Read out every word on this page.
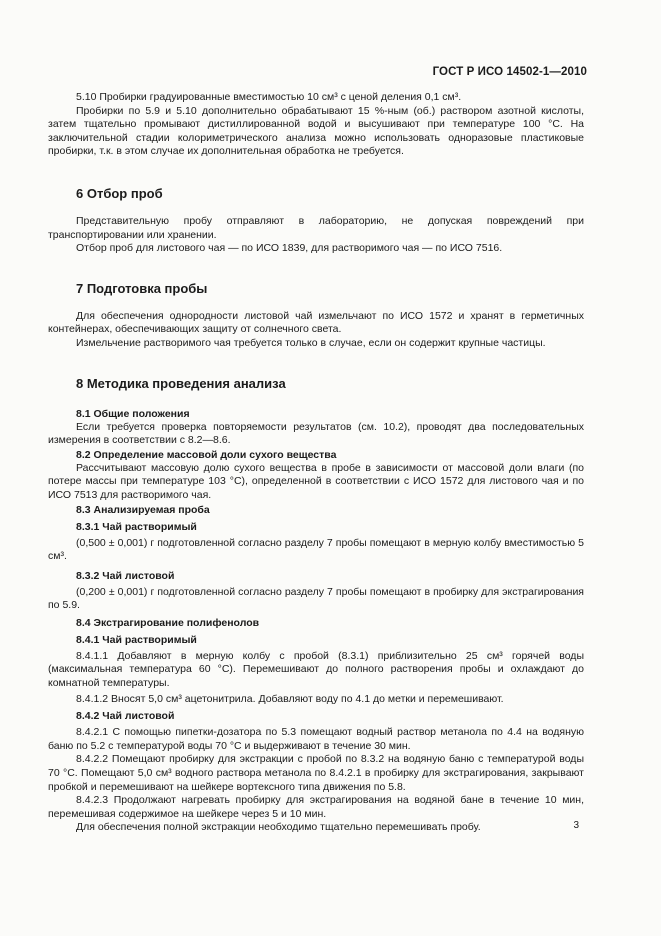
ГОСТ Р ИСО 14502-1—2010

5.10 Пробирки градуированные вместимостью 10 см³ с ценой деления 0,1 см³.

Пробирки по 5.9 и 5.10 дополнительно обрабатывают 15 %-ным (об.) раствором азотной кислоты, затем тщательно промывают дистиллированной водой и высушивают при температуре 100 °С. На заключительной стадии колориметрического анализа можно использовать одноразовые пластиковые пробирки, т.к. в этом случае их дополнительная обработка не требуется.

6 Отбор проб

Представительную пробу отправляют в лабораторию, не допуская повреждений при транспортировании или хранении.

Отбор проб для листового чая — по ИСО 1839, для растворимого чая — по ИСО 7516.

7 Подготовка пробы

Для обеспечения однородности листовой чай измельчают по ИСО 1572 и хранят в герметичных контейнерах, обеспечивающих защиту от солнечного света.

Измельчение растворимого чая требуется только в случае, если он содержит крупные частицы.

8 Методика проведения анализа
8.1 Общие положения

Если требуется проверка повторяемости результатов (см. 10.2), проводят два последовательных измерения в соответствии с 8.2—8.6.

8.2 Определение массовой доли сухого вещества

Рассчитывают массовую долю сухого вещества в пробе в зависимости от массовой доли влаги (по потере массы при температуре 103 °С), определенной в соответствии с ИСО 1572 для листового чая и по ИСО 7513 для растворимого чая.

8.3 Анализируемая проба
8.3.1 Чай растворимый

(0,500 ± 0,001) г подготовленной согласно разделу 7 пробы помещают в мерную колбу вместимостью 5 см³.

8.3.2 Чай листовой

(0,200 ± 0,001) г подготовленной согласно разделу 7 пробы помещают в пробирку для экстрагирования по 5.9.

8.4 Экстрагирование полифенолов
8.4.1 Чай растворимый

8.4.1.1 Добавляют в мерную колбу с пробой (8.3.1) приблизительно 25 см³ горячей воды (максимальная температура 60 °С). Перемешивают до полного растворения пробы и охлаждают до комнатной температуры.

8.4.1.2 Вносят 5,0 см³ ацетонитрила. Добавляют воду по 4.1 до метки и перемешивают.

8.4.2 Чай листовой

8.4.2.1 С помощью пипетки-дозатора по 5.3 помещают водный раствор метанола по 4.4 на водяную баню по 5.2 с температурой воды 70 °С и выдерживают в течение 30 мин.

8.4.2.2 Помещают пробирку для экстракции с пробой по 8.3.2 на водяную баню с температурой воды 70 °С. Помещают 5,0 см³ водного раствора метанола по 8.4.2.1 в пробирку для экстрагирования, закрывают пробкой и перемешивают на шейкере вортексного типа движения по 5.8.

8.4.2.3 Продолжают нагревать пробирку для экстрагирования на водяной бане в течение 10 мин, перемешивая содержимое на шейкере через 5 и 10 мин.

Для обеспечения полной экстракции необходимо тщательно перемешивать пробу.	3
